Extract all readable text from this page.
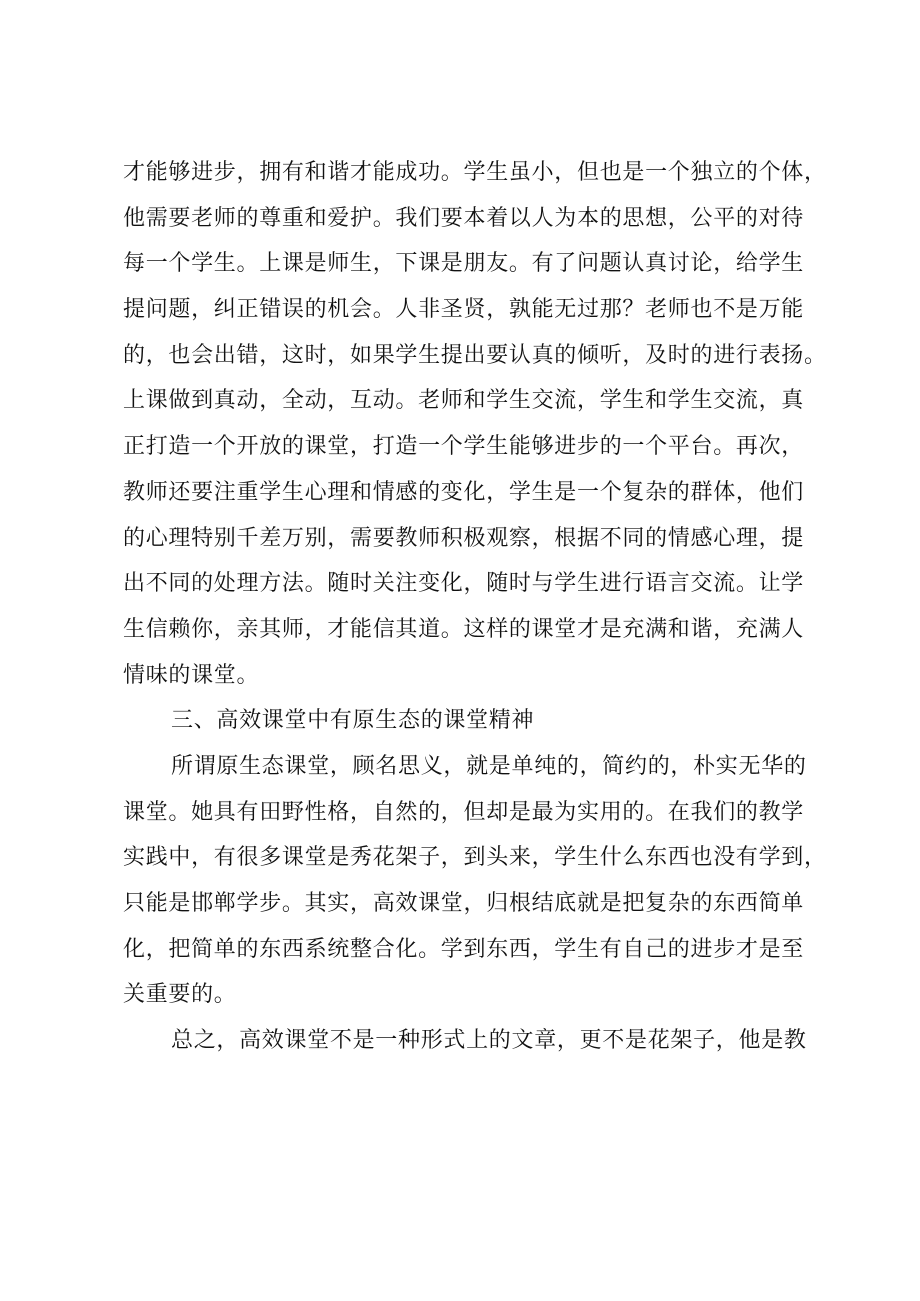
才能够进步，拥有和谐才能成功。学生虽小，但也是一个独立的个体，
他需要老师的尊重和爱护。我们要本着以人为本的思想，公平的对待
每一个学生。上课是师生，下课是朋友。有了问题认真讨论，给学生
提问题，纠正错误的机会。人非圣贤，孰能无过那？老师也不是万能
的，也会出错，这时，如果学生提出要认真的倾听，及时的进行表扬。
上课做到真动，全动，互动。老师和学生交流，学生和学生交流，真
正打造一个开放的课堂，打造一个学生能够进步的一个平台。再次，
教师还要注重学生心理和情感的变化，学生是一个复杂的群体，他们
的心理特别千差万别，需要教师积极观察，根据不同的情感心理，提
出不同的处理方法。随时关注变化，随时与学生进行语言交流。让学
生信赖你，亲其师，才能信其道。这样的课堂才是充满和谐，充满人
情味的课堂。
三、高效课堂中有原生态的课堂精神
所谓原生态课堂，顾名思义，就是单纯的，简约的，朴实无华的
课堂。她具有田野性格，自然的，但却是最为实用的。在我们的教学
实践中，有很多课堂是秀花架子，到头来，学生什么东西也没有学到，
只能是邯郸学步。其实，高效课堂，归根结底就是把复杂的东西简单
化，把简单的东西系统整合化。学到东西，学生有自己的进步才是至
关重要的。
总之，高效课堂不是一种形式上的文章，更不是花架子，他是教
